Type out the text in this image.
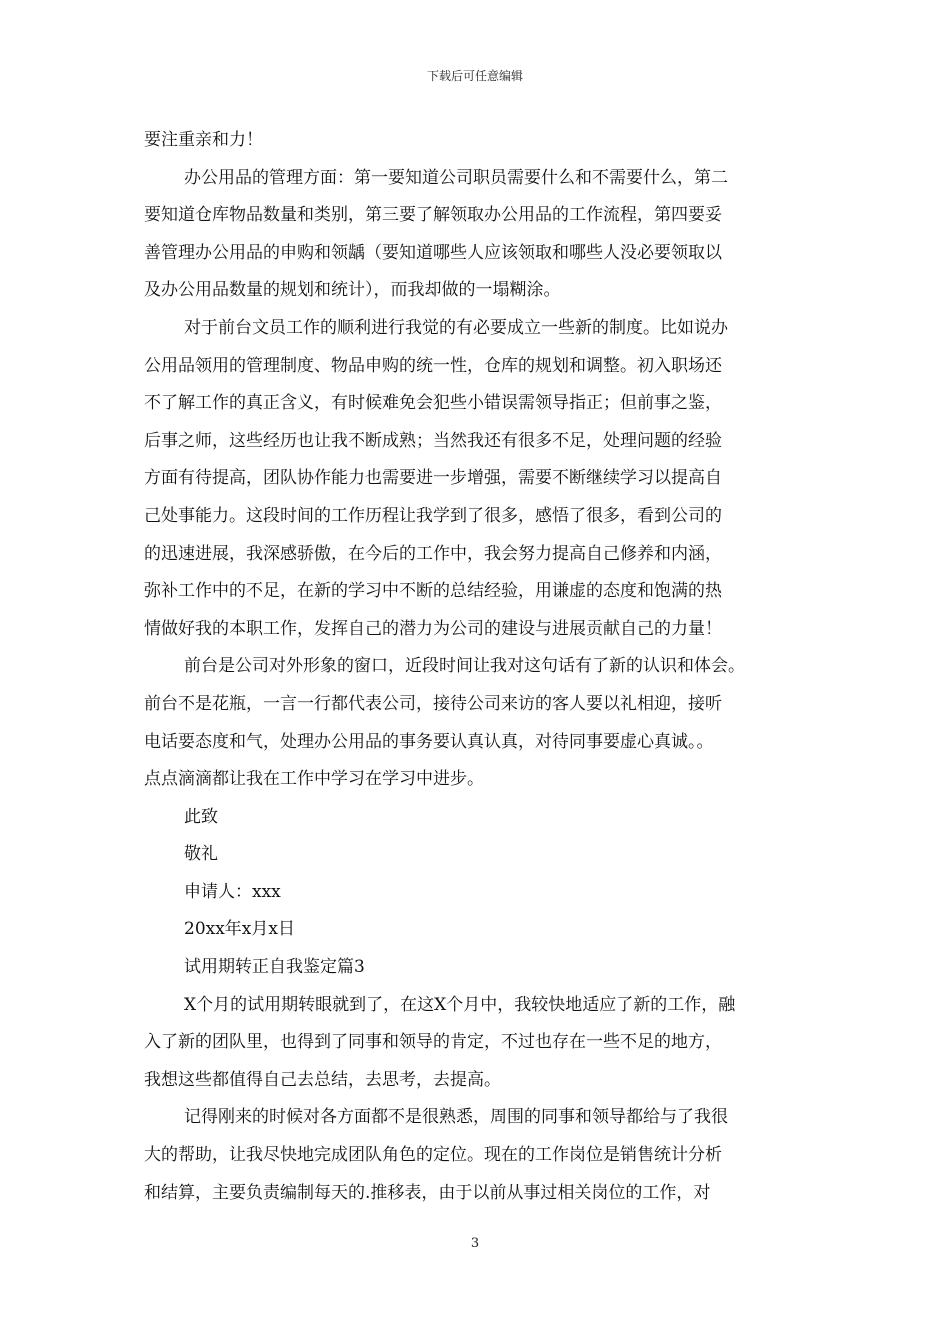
下载后可任意编辑
要注重亲和力！
办公用品的管理方面：第一要知道公司职员需要什么和不需要什么，第二
要知道仓库物品数量和类别，第三要了解领取办公用品的工作流程，第四要妥
善管理办公用品的申购和领龋（要知道哪些人应该领取和哪些人没必要领取以
及办公用品数量的规划和统计），而我却做的一塌糊涂。
对于前台文员工作的顺利进行我觉的有必要成立一些新的制度。比如说办
公用品领用的管理制度、物品申购的统一性，仓库的规划和调整。初入职场还
不了解工作的真正含义，有时候难免会犯些小错误需领导指正；但前事之鉴，
后事之师，这些经历也让我不断成熟；当然我还有很多不足，处理问题的经验
方面有待提高，团队协作能力也需要进一步增强，需要不断继续学习以提高自
己处事能力。这段时间的工作历程让我学到了很多，感悟了很多，看到公司的
的迅速进展，我深感骄傲，在今后的工作中，我会努力提高自己修养和内涵，
弥补工作中的不足，在新的学习中不断的总结经验，用谦虚的态度和饱满的热
情做好我的本职工作，发挥自己的潜力为公司的建设与进展贡献自己的力量！
前台是公司对外形象的窗口，近段时间让我对这句话有了新的认识和体会。
前台不是花瓶，一言一行都代表公司，接待公司来访的客人要以礼相迎，接听
电话要态度和气，处理办公用品的事务要认真认真，对待同事要虚心真诚。。
点点滴滴都让我在工作中学习在学习中进步。
此致
敬礼
申请人：xxx
20xx年x月x日
试用期转正自我鉴定篇3
X个月的试用期转眼就到了，在这X个月中，我较快地适应了新的工作，融
入了新的团队里，也得到了同事和领导的肯定，不过也存在一些不足的地方，
我想这些都值得自己去总结，去思考，去提高。
记得刚来的时候对各方面都不是很熟悉，周围的同事和领导都给与了我很
大的帮助，让我尽快地完成团队角色的定位。现在的工作岗位是销售统计分析
和结算，主要负责编制每天的.推移表，由于以前从事过相关岗位的工作，对
3
